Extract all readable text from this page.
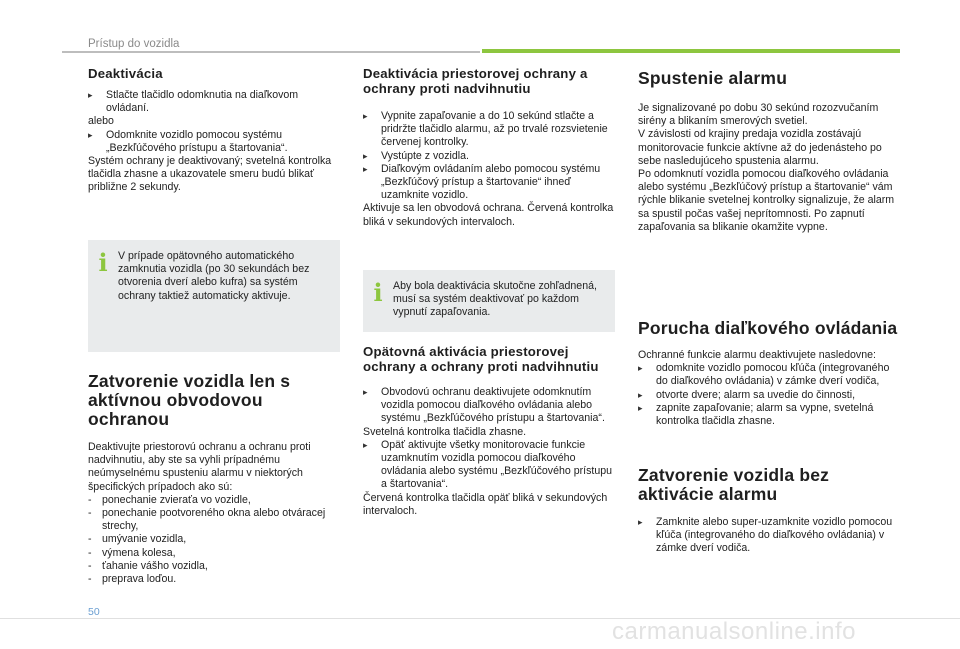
Prístup do vozidla
Deaktivácia
▸ Stlačte tlačidlo odomknutia na diaľkovom ovládaní.
alebo
▸ Odomknite vozidlo pomocou systému „Bezkľúčového prístupu a štartovania“.
Systém ochrany je deaktivovaný; svetelná kontrolka tlačidla zhasne a ukazovatele smeru budú blikať približne 2 sekundy.
i V prípade opätovného automatického zamknutia vozidla (po 30 sekundách bez otvorenia dverí alebo kufra) sa systém ochrany taktiež automaticky aktivuje.
Zatvorenie vozidla len s aktívnou obvodovou ochranou
Deaktivujte priestorovú ochranu a ochranu proti nadvihnutiu, aby ste sa vyhli prípadnému neúmyselnému spusteniu alarmu v niektorých špecifických prípadoch ako sú:
- ponechanie zvieraťa vo vozidle,
- ponechanie pootvoreného okna alebo otváracej strechy,
- umývanie vozidla,
- výmena kolesa,
- ťahanie vášho vozidla,
- preprava loďou.
Deaktivácia priestorovej ochrany a ochrany proti nadvihnutiu
▸ Vypnite zapaľovanie a do 10 sekúnd stlačte a pridržte tlačidlo alarmu, až po trvalé rozsvietenie červenej kontrolky.
▸ Vystúpte z vozidla.
▸ Diaľkovým ovládaním alebo pomocou systému „Bezkľúčový prístup a štartovanie“ ihneď uzamknite vozidlo.
Aktivuje sa len obvodová ochrana. Červená kontrolka bliká v sekundových intervaloch.
i Aby bola deaktivácia skutočne zohľadnená, musí sa systém deaktivovať po každom vypnutí zapaľovania.
Opätovná aktivácia priestorovej ochrany a ochrany proti nadvihnutiu
▸ Obvodovú ochranu deaktivujete odomknutím vozidla pomocou diaľkového ovládania alebo systému „Bezkľúčového prístupu a štartovania“.
Svetelná kontrolka tlačidla zhasne.
▸ Opäť aktivujte všetky monitorovacie funkcie uzamknutím vozidla pomocou diaľkového ovládania alebo systému „Bezkľúčového prístupu a štartovania“.
Červená kontrolka tlačidla opäť bliká v sekundových intervaloch.
Spustenie alarmu
Je signalizované po dobu 30 sekúnd rozozvučaním sirény a blikaním smerových svetiel.
V závislosti od krajiny predaja vozidla zostávajú monitorovacie funkcie aktívne až do jedenásteho po sebe nasledujúceho spustenia alarmu.
Po odomknutí vozidla pomocou diaľkového ovládania alebo systému „Bezkľúčový prístup a štartovanie“ vám rýchle blikanie svetelnej kontrolky signalizuje, že alarm sa spustil počas vašej neprítomnosti. Po zapnutí zapaľovania sa blikanie okamžite vypne.
Porucha diaľkového ovládania
Ochranné funkcie alarmu deaktivujete nasledovne:
▸ odomknite vozidlo pomocou kľúča (integrovaného do diaľkového ovládania) v zámke dverí vodiča,
▸ otvorte dvere; alarm sa uvedie do činnosti,
▸ zapnite zapaľovanie; alarm sa vypne, svetelná kontrolka tlačidla zhasne.
Zatvorenie vozidla bez aktivácie alarmu
▸ Zamknite alebo super-uzamknite vozidlo pomocou kľúča (integrovaného do diaľkového ovládania) v zámke dverí vodiča.
50
carmanualsonline.info
